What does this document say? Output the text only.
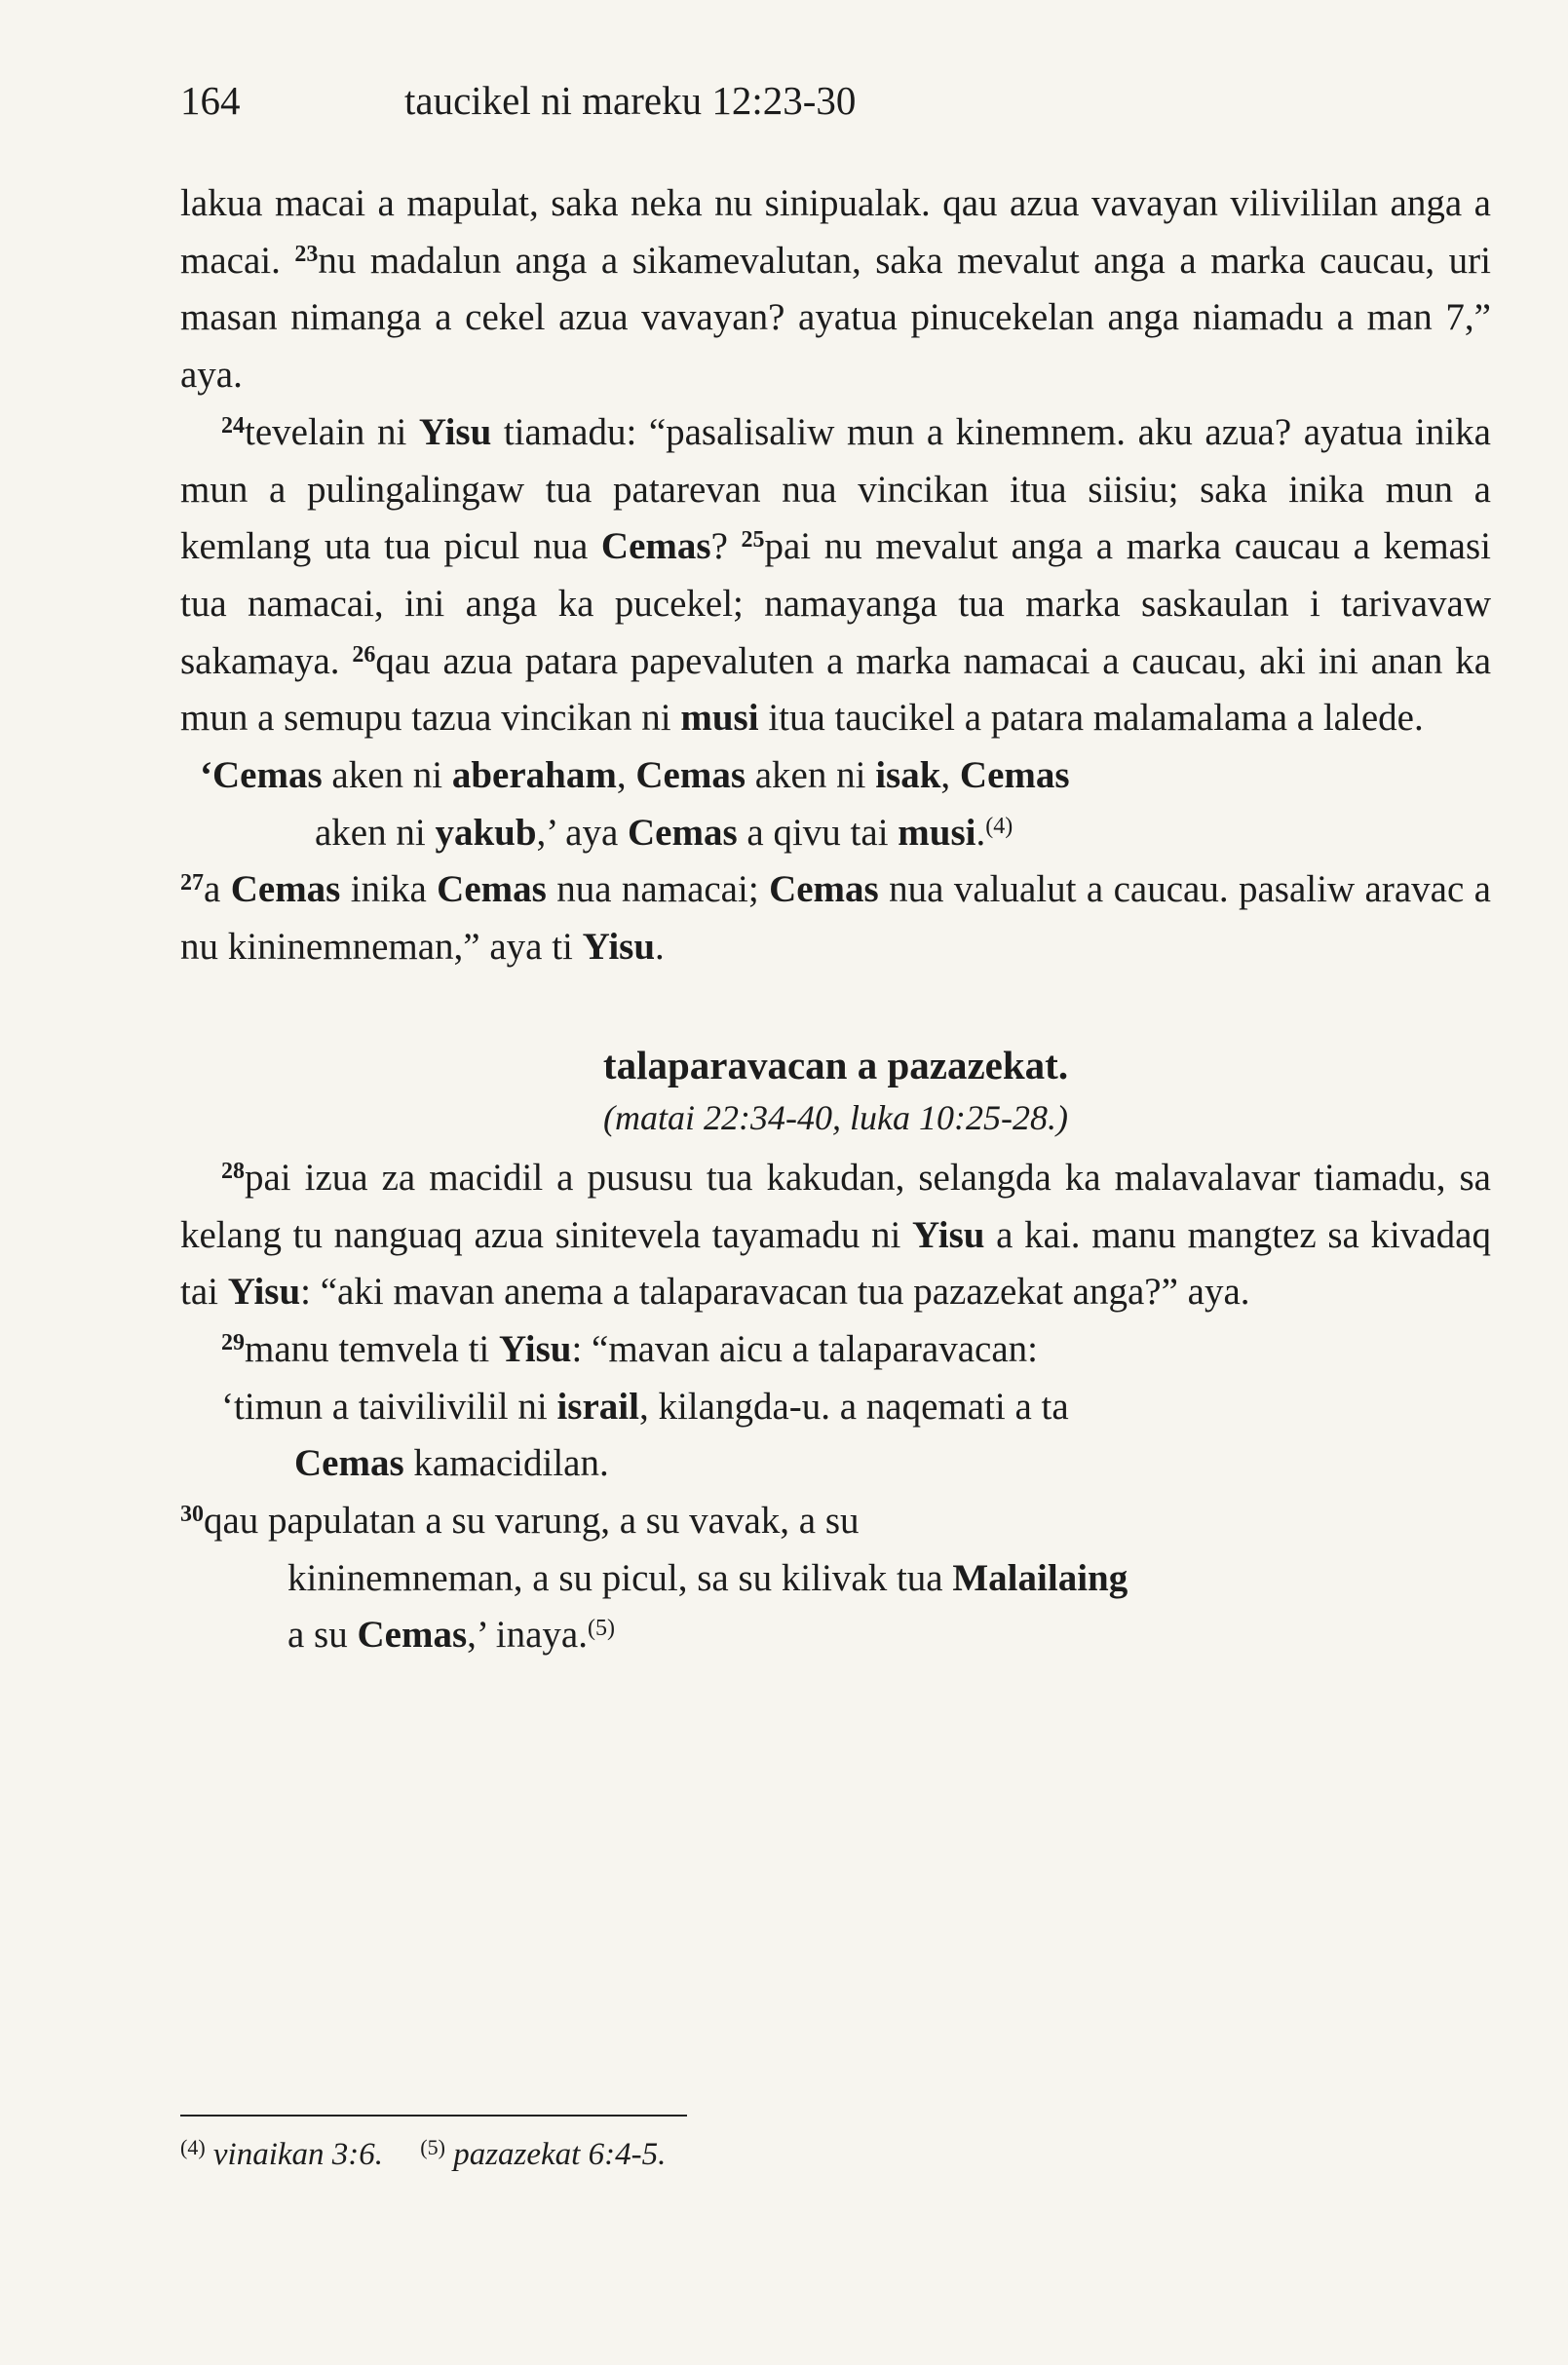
164	taucikel ni mareku 12:23-30

lakua macai a mapulat, saka neka nu sinipualak. qau azua vavayan vilivililan anga a macai. $^{23}$nu madalun anga a sikamevalutan, saka mevalut anga a marka caucau, uri masan nimanga a cekel azua vavayan? ayatua pinucekelan anga niamadu a man 7,” aya.

$^{24}$tevelain ni Yisu tiamadu: “pasalisaliw mun a kinemnem. aku azua? ayatua inika mun a pulingalingaw tua patarevan nua vincikan itua siisiu; saka inika mun a kemlang uta tua picul nua Cemas? $^{25}$pai nu mevalut anga a marka caucau a kemasi tua namacai, ini anga ka pucekel; namayanga tua marka saskaulan i tarivavaw sakamaya. $^{26}$qau azua patara papevaluten a marka namacai a caucau, aki ini anan ka mun a semupu tazua vincikan ni musi itua taucikel a patara malamalama a lalede.

‘Cemas aken ni aberaham, Cemas aken ni isak, Cemas
aken ni yakub,’ aya Cemas a qivu tai musi.$^{(4)}$

$^{27}$a Cemas inika Cemas nua namacai; Cemas nua valualut a caucau. pasaliw aravac a nu kininemneman,” aya ti Yisu.

talaparavacan a pazazekat.
(matai 22:34-40, luka 10:25-28.)

$^{28}$pai izua za macidil a pususu tua kakudan, selangda ka malavalavar tiamadu, sa kelang tu nanguaq azua sinitevela tayamadu ni Yisu a kai. manu mangtez sa kivadaq tai Yisu: “aki mavan anema a talaparavacan tua pazazekat anga?” aya.

$^{29}$manu temvela ti Yisu: “mavan aicu a talaparavacan:

‘timun a taivilivilil ni israil, kilangda-u. a naqemati a ta
Cemas kamacidilan.
$^{30}$qau papulatan a su varung, a su vavak, a su
kininemneman, a su picul, sa su kilivak tua Malailaing
a su Cemas,’ inaya.$^{(5)}$
$^{(4)}$ vinaikan 3:6. $^{(5)}$ pazazekat 6:4-5.
